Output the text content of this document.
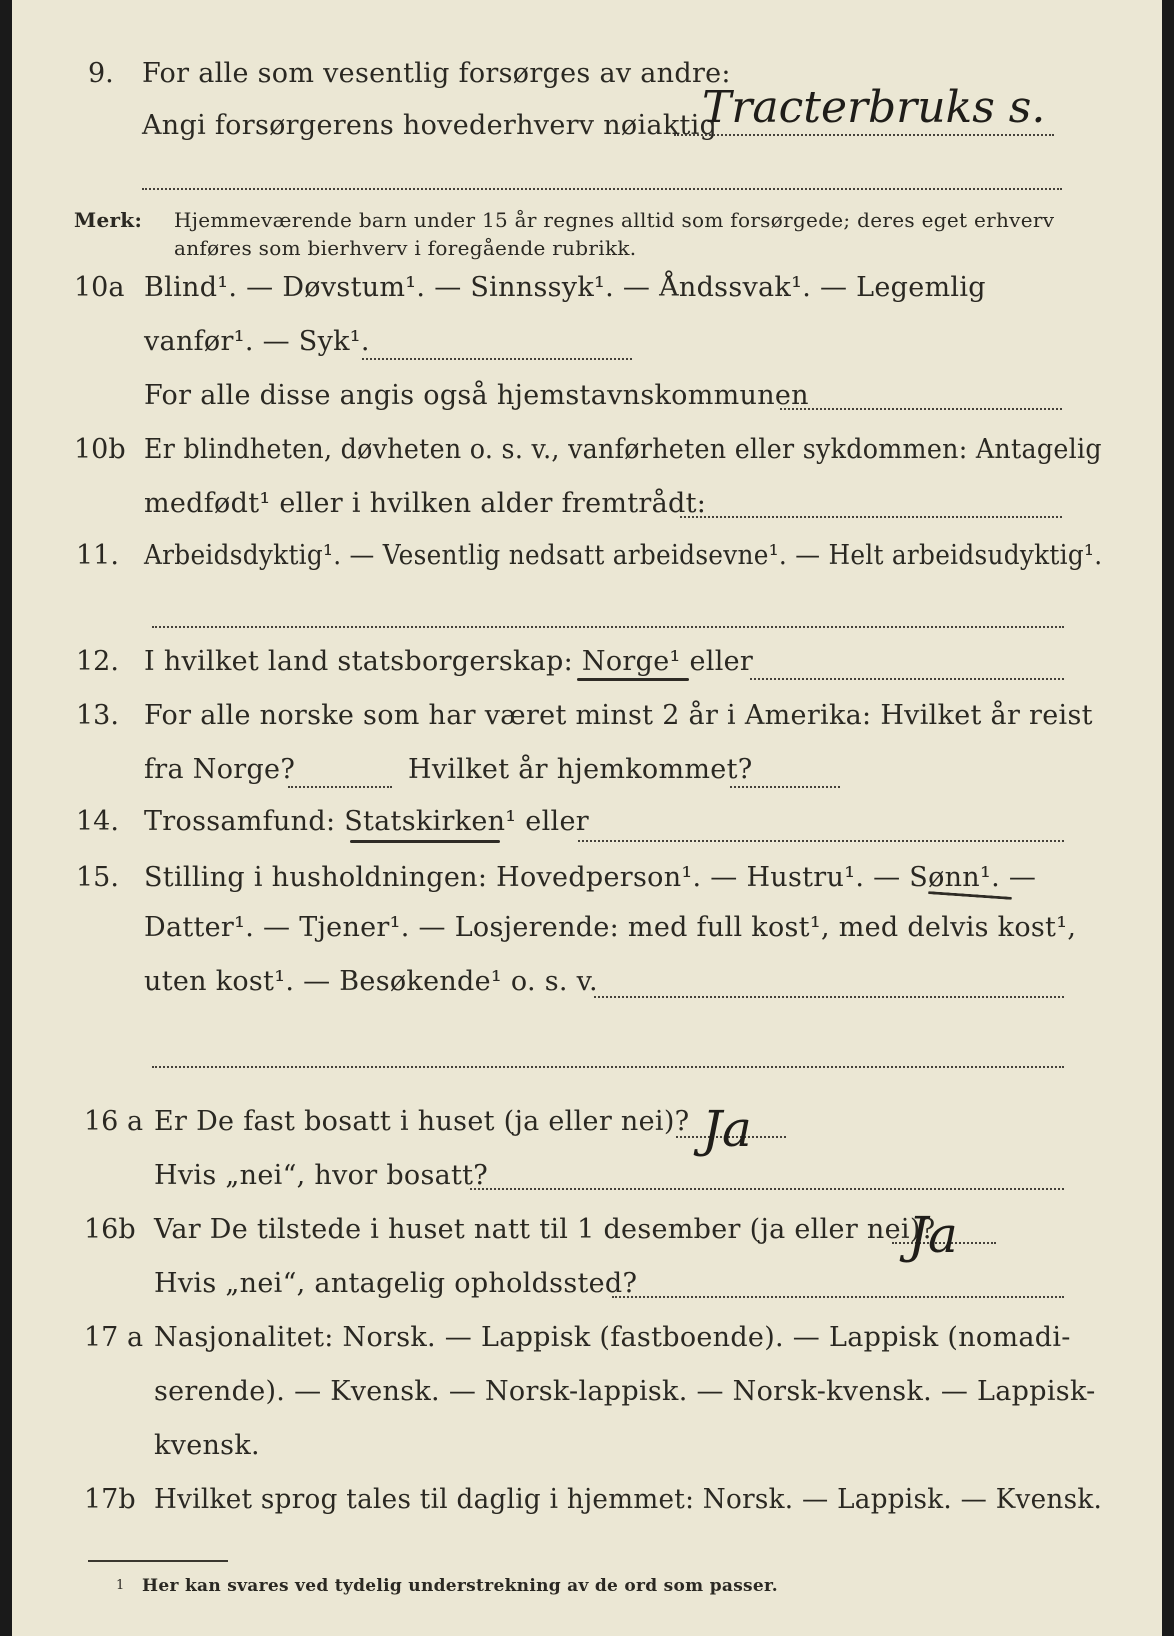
9. For alle som vesentlig forsørges av andre:
Angi forsørgerens hovederhverv nøiaktig
Tracterbruks s.
Merk: Hjemmeværende barn under 15 år regnes alltid som forsørgede; deres eget erhverv
anføres som bierhverv i foregående rubrikk.
10a Blind¹. — Døvstum¹. — Sinnssyk¹. — Åndssvak¹. — Legemlig
vanfør¹. — Syk¹.
For alle disse angis også hjemstavnskommunen
10b Er blindheten, døvheten o. s. v., vanførheten eller sykdommen: Antagelig
medfødt¹ eller i hvilken alder fremtrådt:
11. Arbeidsdyktig¹. — Vesentlig nedsatt arbeidsevne¹. — Helt arbeidsudyktig¹.
12. I hvilket land statsborgerskap: Norge¹ eller
13. For alle norske som har været minst 2 år i Amerika: Hvilket år reist
fra Norge?	Hvilket år hjemkommet?
14. Trossamfund: Statskirken¹ eller
15. Stilling i husholdningen: Hovedperson¹. — Hustru¹. — Sønn¹. —
Datter¹. — Tjener¹. — Losjerende: med full kost¹, med delvis kost¹,
uten kost¹. — Besøkende¹ o. s. v.
16 a Er De fast bosatt i huset (ja eller nei)? Ja
Hvis „nei“, hvor bosatt?
16b Var De tilstede i huset natt til 1 desember (ja eller nei)?
Ja
Hvis „nei“, antagelig opholdssted?
17 a Nasjonalitet: Norsk. — Lappisk (fastboende). — Lappisk (nomadi-
serende). — Kvensk. — Norsk-lappisk. — Norsk-kvensk. — Lappisk-
kvensk.
17b Hvilket sprog tales til daglig i hjemmet: Norsk. — Lappisk. — Kvensk.
1 Her kan svares ved tydelig understrekning av de ord som passer.
